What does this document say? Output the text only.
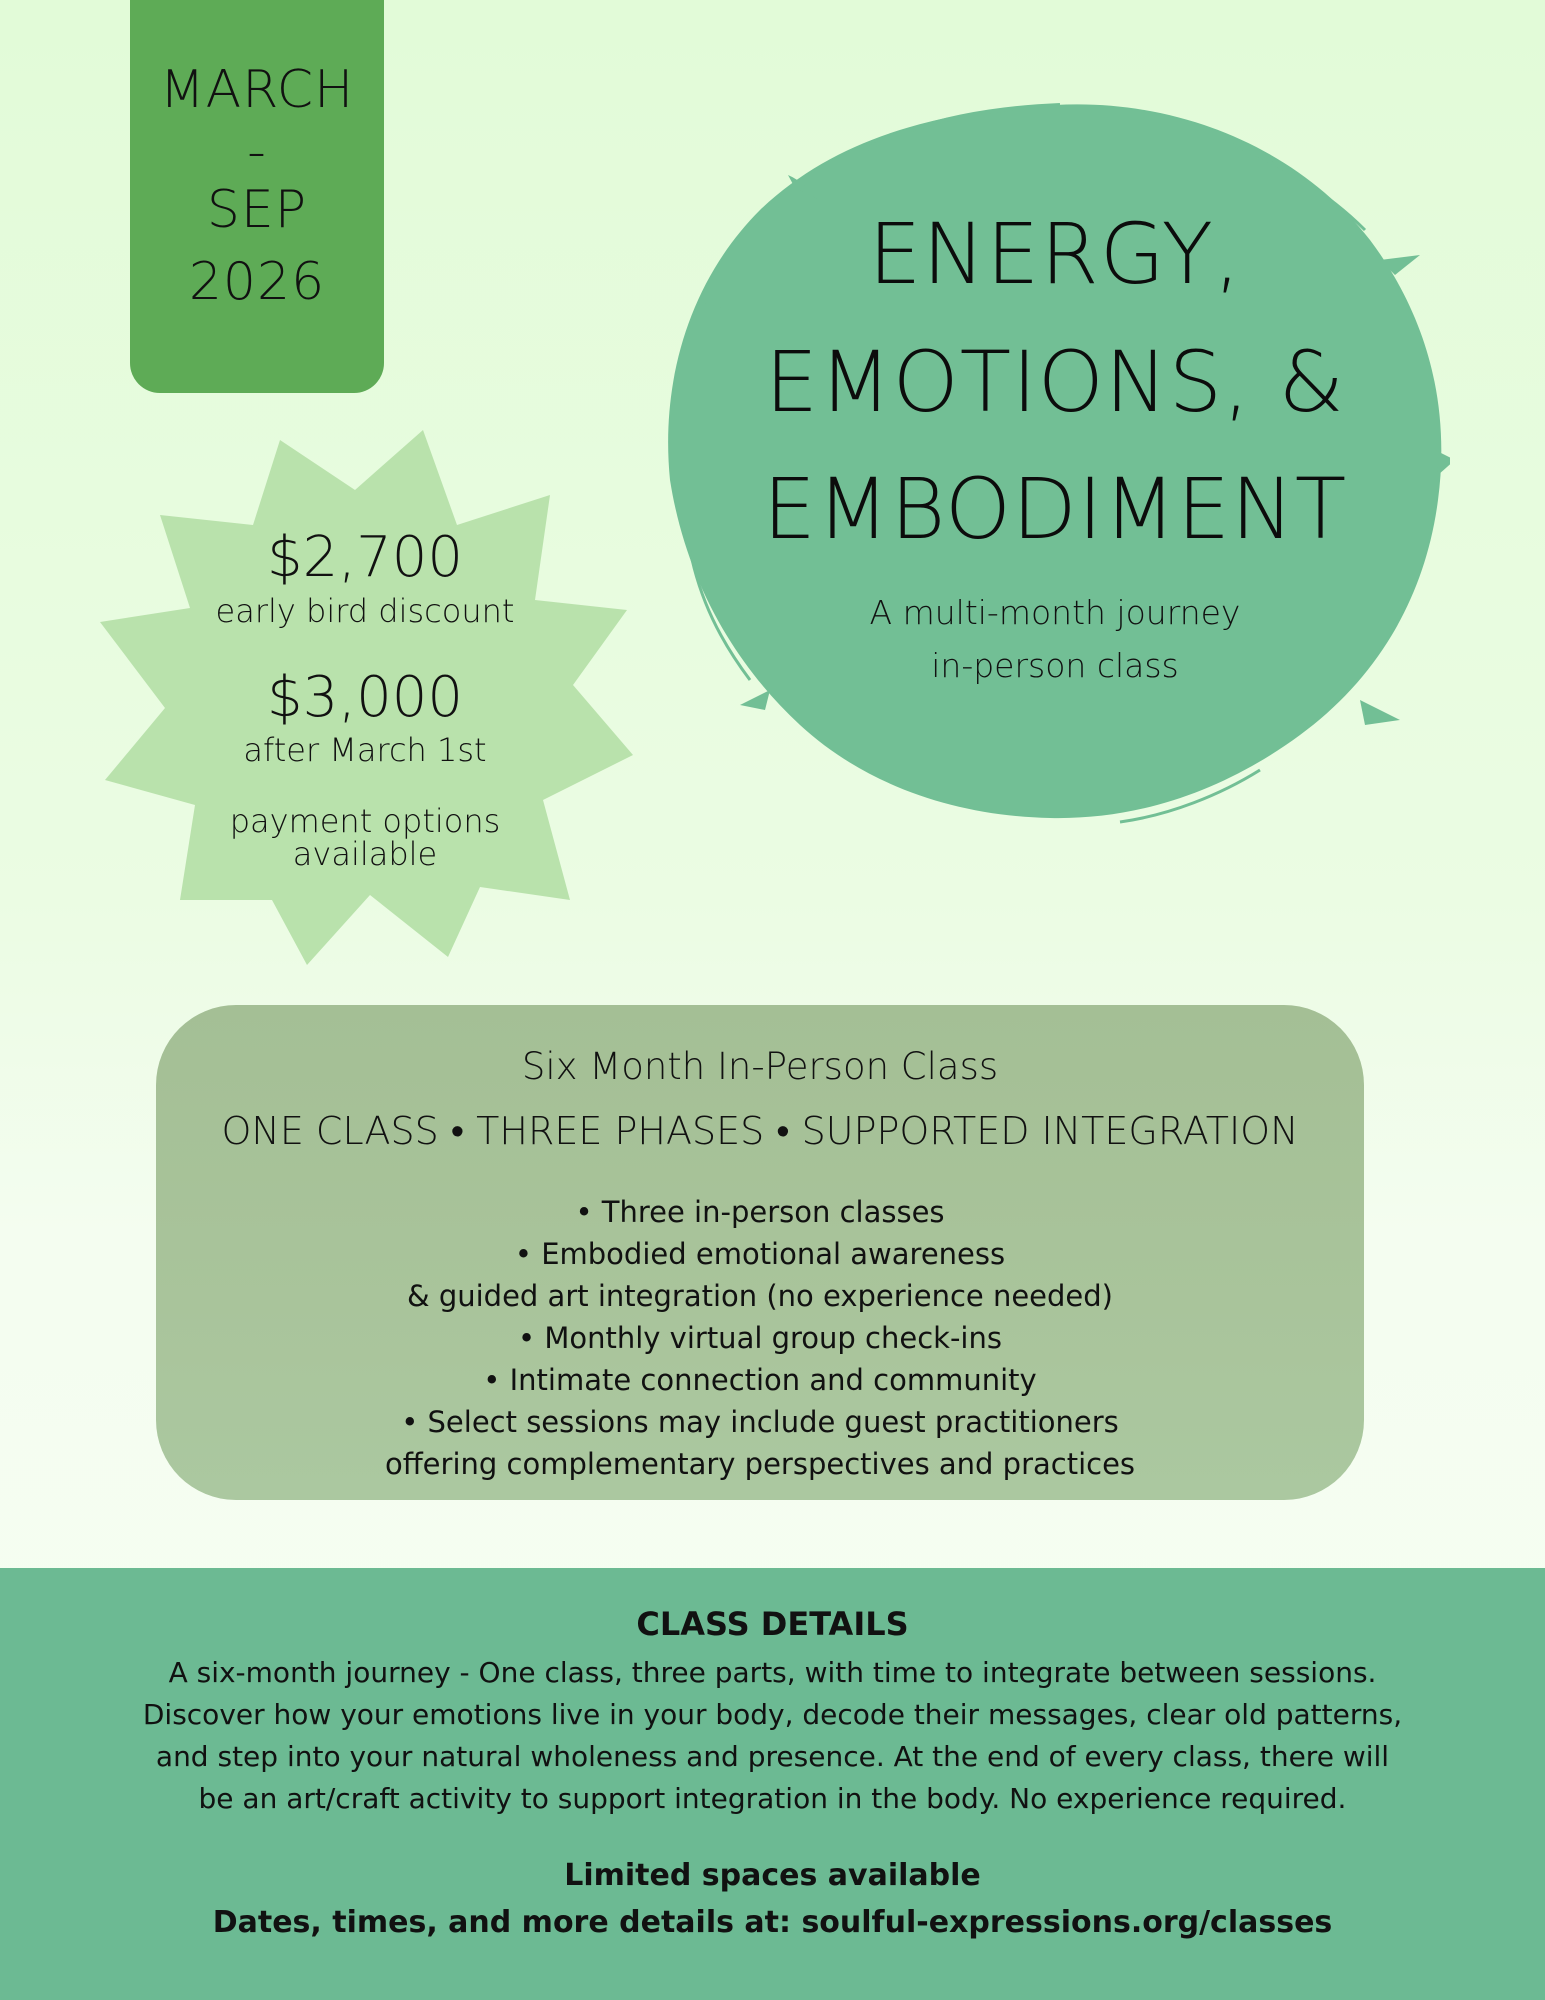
MARCH
-
SEP
2026
$2,700
early bird discount
$3,000
after March 1st
payment options
available
ENERGY,
EMOTIONS, &
EMBODIMENT
A multi-month journey
in-person class
Six Month In-Person Class
ONE CLASS • THREE PHASES • SUPPORTED INTEGRATION
• Three in-person classes
• Embodied emotional awareness
& guided art integration (no experience needed)
• Monthly virtual group check-ins
• Intimate connection and community
• Select sessions may include guest practitioners
offering complementary perspectives and practices
CLASS DETAILS
A six-month journey - One class, three parts, with time to integrate between sessions.
Discover how your emotions live in your body, decode their messages, clear old patterns,
and step into your natural wholeness and presence. At the end of every class, there will
be an art/craft activity to support integration in the body. No experience required.
Limited spaces available
Dates, times, and more details at: soulful-expressions.org/classes
